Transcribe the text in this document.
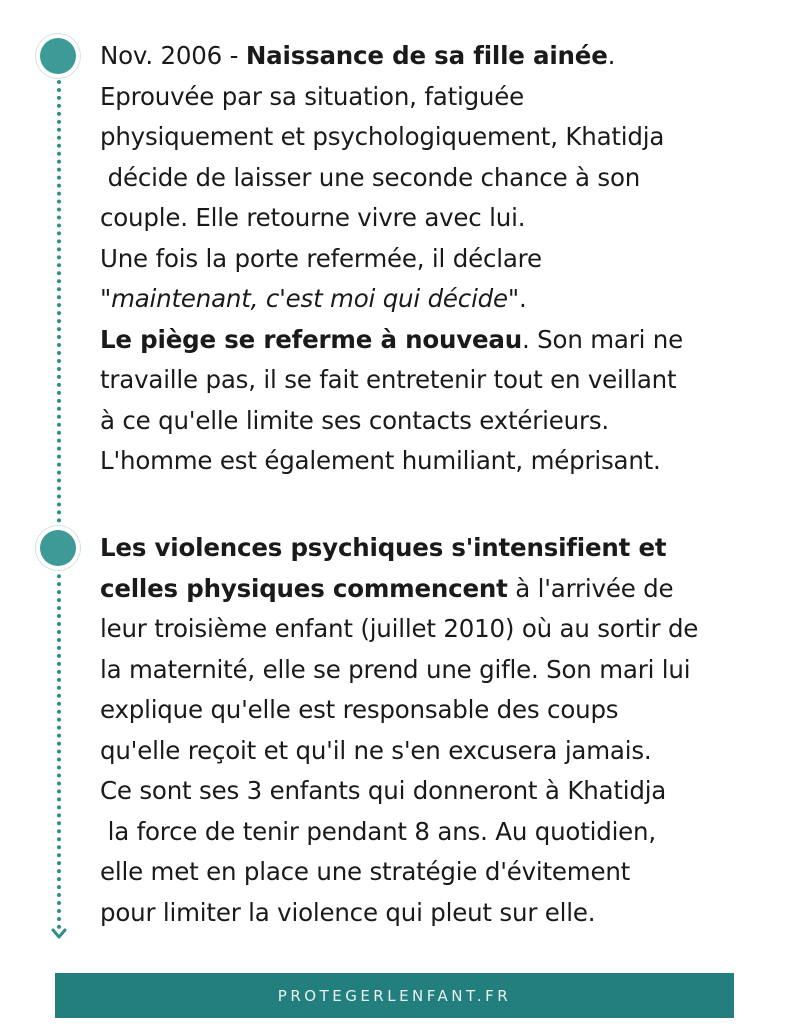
Nov. 2006 - Naissance de sa fille ainée.
Eprouvée par sa situation, fatiguée
physiquement et psychologiquement, Khatidja
décide de laisser une seconde chance à son
couple. Elle retourne vivre avec lui.
Une fois la porte refermée, il déclare
"maintenant, c'est moi qui décide".
Le piège se referme à nouveau. Son mari ne
travaille pas, il se fait entretenir tout en veillant
à ce qu'elle limite ses contacts extérieurs.
L'homme est également humiliant, méprisant.
Les violences psychiques s'intensifient et
celles physiques commencent à l'arrivée de
leur troisième enfant (juillet 2010) où au sortir de
la maternité, elle se prend une gifle. Son mari lui
explique qu'elle est responsable des coups
qu'elle reçoit et qu'il ne s'en excusera jamais.
Ce sont ses 3 enfants qui donneront à Khatidja
la force de tenir pendant 8 ans. Au quotidien,
elle met en place une stratégie d'évitement
pour limiter la violence qui pleut sur elle.
PROTEGERLENFANT.FR
